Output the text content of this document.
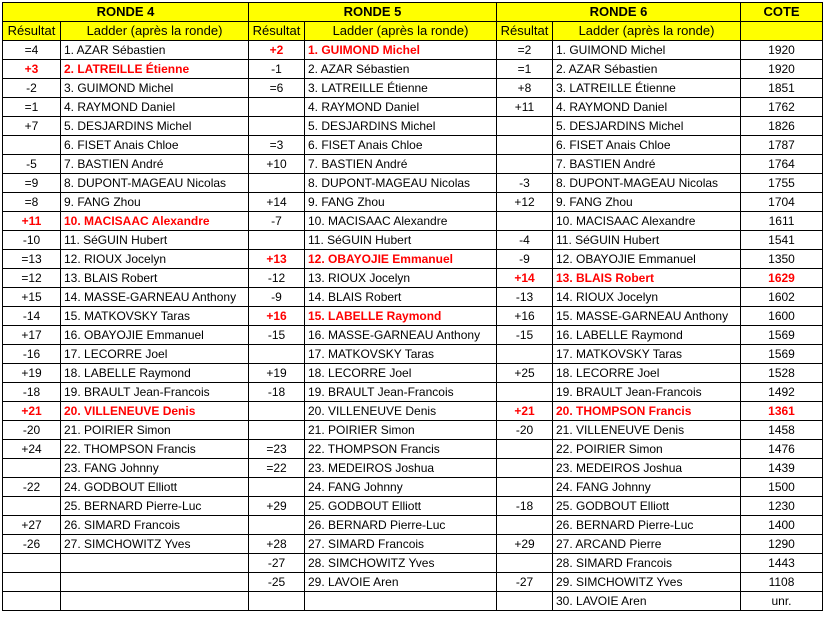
RONDE 4		RONDE 5		RONDE 6		COTE
Résultat	Ladder (après la ronde)	Résultat	Ladder (après la ronde)	Résultat	Ladder (après la ronde)	
=4	1. AZAR Sébastien	+2	1. GUIMOND Michel	=2	1. GUIMOND Michel	1920
+3	2. LATREILLE Étienne	-1	2. AZAR Sébastien	=1	2. AZAR Sébastien	1920
-2	3. GUIMOND Michel	=6	3. LATREILLE Étienne	+8	3. LATREILLE Étienne	1851
=1	4. RAYMOND Daniel		4. RAYMOND Daniel	+11	4. RAYMOND Daniel	1762
+7	5. DESJARDINS Michel		5. DESJARDINS Michel		5. DESJARDINS Michel	1826
	6. FISET Anais Chloe	=3	6. FISET Anais Chloe		6. FISET Anais Chloe	1787
-5	7. BASTIEN André	+10	7. BASTIEN André		7. BASTIEN André	1764
=9	8. DUPONT-MAGEAU Nicolas		8. DUPONT-MAGEAU Nicolas	-3	8. DUPONT-MAGEAU Nicolas	1755
=8	9. FANG Zhou	+14	9. FANG Zhou	+12	9. FANG Zhou	1704
+11	10. MACISAAC Alexandre	-7	10. MACISAAC Alexandre		10. MACISAAC Alexandre	1611
-10	11. SéGUIN Hubert		11. SéGUIN Hubert	-4	11. SéGUIN Hubert	1541
=13	12. RIOUX Jocelyn	+13	12. OBAYOJIE Emmanuel	-9	12. OBAYOJIE Emmanuel	1350
=12	13. BLAIS Robert	-12	13. RIOUX Jocelyn	+14	13. BLAIS Robert	1629
+15	14. MASSE-GARNEAU Anthony	-9	14. BLAIS Robert	-13	14. RIOUX Jocelyn	1602
-14	15. MATKOVSKY Taras	+16	15. LABELLE Raymond	+16	15. MASSE-GARNEAU Anthony	1600
+17	16. OBAYOJIE Emmanuel	-15	16. MASSE-GARNEAU Anthony	-15	16. LABELLE Raymond	1569
-16	17. LECORRE Joel		17. MATKOVSKY Taras		17. MATKOVSKY Taras	1569
+19	18. LABELLE Raymond	+19	18. LECORRE Joel	+25	18. LECORRE Joel	1528
-18	19. BRAULT Jean-Francois	-18	19. BRAULT Jean-Francois		19. BRAULT Jean-Francois	1492
+21	20. VILLENEUVE Denis		20. VILLENEUVE Denis	+21	20. THOMPSON Francis	1361
-20	21. POIRIER Simon		21. POIRIER Simon	-20	21. VILLENEUVE Denis	1458
+24	22. THOMPSON Francis	=23	22. THOMPSON Francis		22. POIRIER Simon	1476
	23. FANG Johnny	=22	23. MEDEIROS Joshua		23. MEDEIROS Joshua	1439
-22	24. GODBOUT Elliott		24. FANG Johnny		24. FANG Johnny	1500
	25. BERNARD Pierre-Luc	+29	25. GODBOUT Elliott	-18	25. GODBOUT Elliott	1230
+27	26. SIMARD Francois		26. BERNARD Pierre-Luc		26. BERNARD Pierre-Luc	1400
-26	27. SIMCHOWITZ Yves	+28	27. SIMARD Francois	+29	27. ARCAND Pierre	1290
		-27	28. SIMCHOWITZ Yves		28. SIMARD Francois	1443
		-25	29. LAVOIE Aren	-27	29. SIMCHOWITZ Yves	1108
					30. LAVOIE Aren	unr.
